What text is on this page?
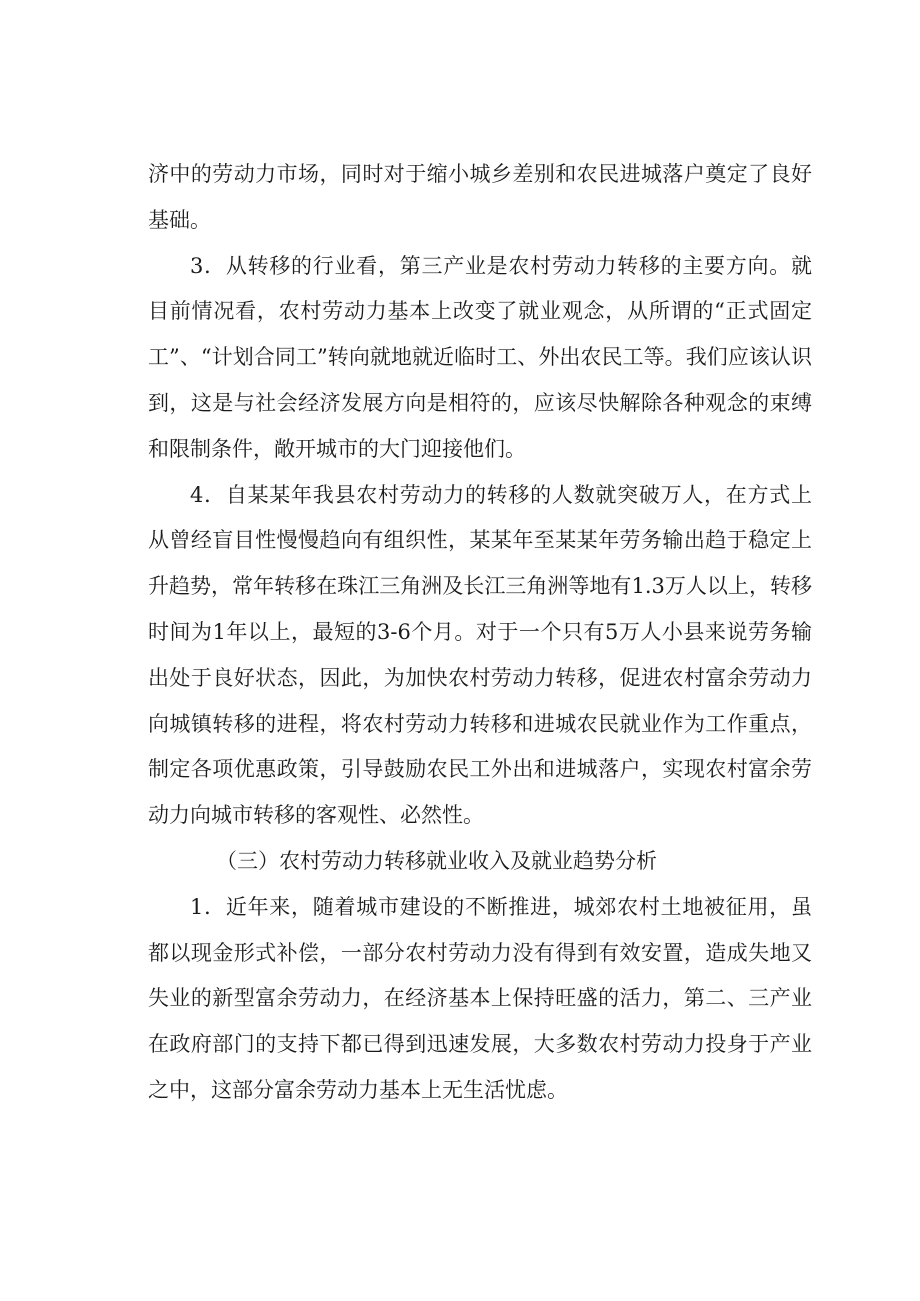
济中的劳动力市场，同时对于缩小城乡差别和农民进城落户奠定了良好基础。

3．从转移的行业看，第三产业是农村劳动力转移的主要方向。就目前情况看，农村劳动力基本上改变了就业观念，从所谓的“正式固定工”、“计划合同工”转向就地就近临时工、外出农民工等。我们应该认识到，这是与社会经济发展方向是相符的，应该尽快解除各种观念的束缚和限制条件，敞开城市的大门迎接他们。

4．自某某年我县农村劳动力的转移的人数就突破万人，在方式上从曾经盲目性慢慢趋向有组织性，某某年至某某年劳务输出趋于稳定上升趋势，常年转移在珠江三角洲及长江三角洲等地有1.3万人以上，转移时间为1年以上，最短的3-6个月。对于一个只有5万人小县来说劳务输出处于良好状态，因此，为加快农村劳动力转移，促进农村富余劳动力向城镇转移的进程，将农村劳动力转移和进城农民就业作为工作重点，制定各项优惠政策，引导鼓励农民工外出和进城落户，实现农村富余劳动力向城市转移的客观性、必然性。

（三）农村劳动力转移就业收入及就业趋势分析

1．近年来，随着城市建设的不断推进，城郊农村土地被征用，虽都以现金形式补偿，一部分农村劳动力没有得到有效安置，造成失地又失业的新型富余劳动力，在经济基本上保持旺盛的活力，第二、三产业在政府部门的支持下都已得到迅速发展，大多数农村劳动力投身于产业之中，这部分富余劳动力基本上无生活忧虑。
